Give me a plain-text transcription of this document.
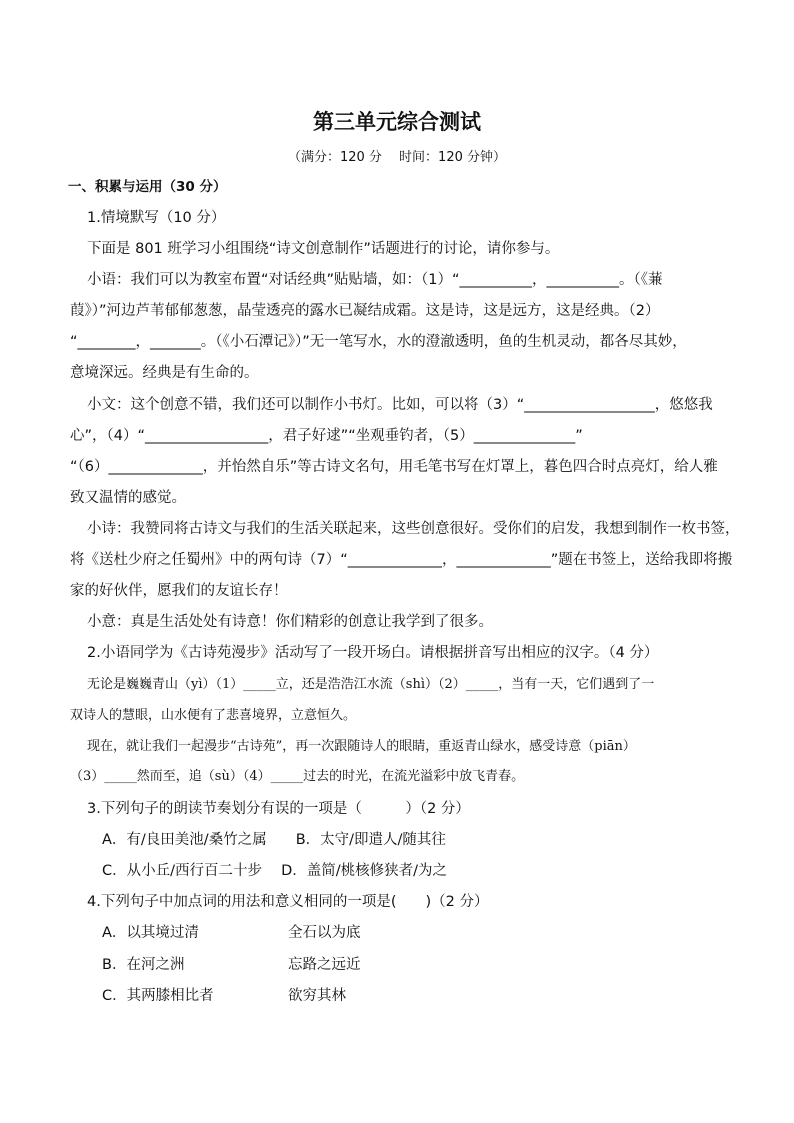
第三单元综合测试
（满分：120 分　 时间：120 分钟）
一、积累与运用（30 分）
1.情境默写（10 分）
下面是 801 班学习小组围绕“诗文创意制作”话题进行的讨论，请你参与。
小语：我们可以为教室布置“对话经典”贴贴墙，如：（1）“__________，__________。（《蒹
葭》）”河边芦苇郁郁葱葱，晶莹透亮的露水已凝结成霜。这是诗，这是远方，这是经典。（2）
“________，_______。（《小石潭记》）”无一笔写水，水的澄澈透明，鱼的生机灵动，都各尽其妙，
意境深远。经典是有生命的。
小文：这个创意不错，我们还可以制作小书灯。比如，可以将（3）“__________________，悠悠我
心”，（4）“_________________，君子好逑”“坐观垂钓者，（5）______________”
“（6）_____________，并怡然自乐”等古诗文名句，用毛笔书写在灯罩上，暮色四合时点亮灯，给人雅
致又温情的感觉。
小诗：我赞同将古诗文与我们的生活关联起来，这些创意很好。受你们的启发，我想到制作一枚书签，
将《送杜少府之任蜀州》中的两句诗（7）“_____________，_____________”题在书签上，送给我即将搬
家的好伙伴，愿我们的友谊长存！
小意：真是生活处处有诗意！你们精彩的创意让我学到了很多。
2.小语同学为《古诗苑漫步》活动写了一段开场白。请根据拼音写出相应的汉字。（4 分）
无论是巍巍青山（yì）（1）_____立，还是浩浩江水流（shì）（2）_____，当有一天，它们遇到了一
双诗人的慧眼，山水便有了悲喜境界，立意恒久。
现在，就让我们一起漫步“古诗苑”，再一次跟随诗人的眼睛，重返青山绿水，感受诗意（piān）
（3）_____然而至，追（sù）（4）_____过去的时光，在流光溢彩中放飞青春。
3.下列句子的朗读节奏划分有误的一项是（　　　）（2 分）
A．有/良田美池/桑竹之属　　B．太守/即遣人/随其往
C．从小丘/西行百二十步　 D．盖简/桃核修狭者/为之
4.下列句子中加点词的用法和意义相同的一项是(　　)（2 分）
A．以其境过清	全石以为底
B．在河之洲	忘路之远近
C．其两膝相比者	欲穷其林
